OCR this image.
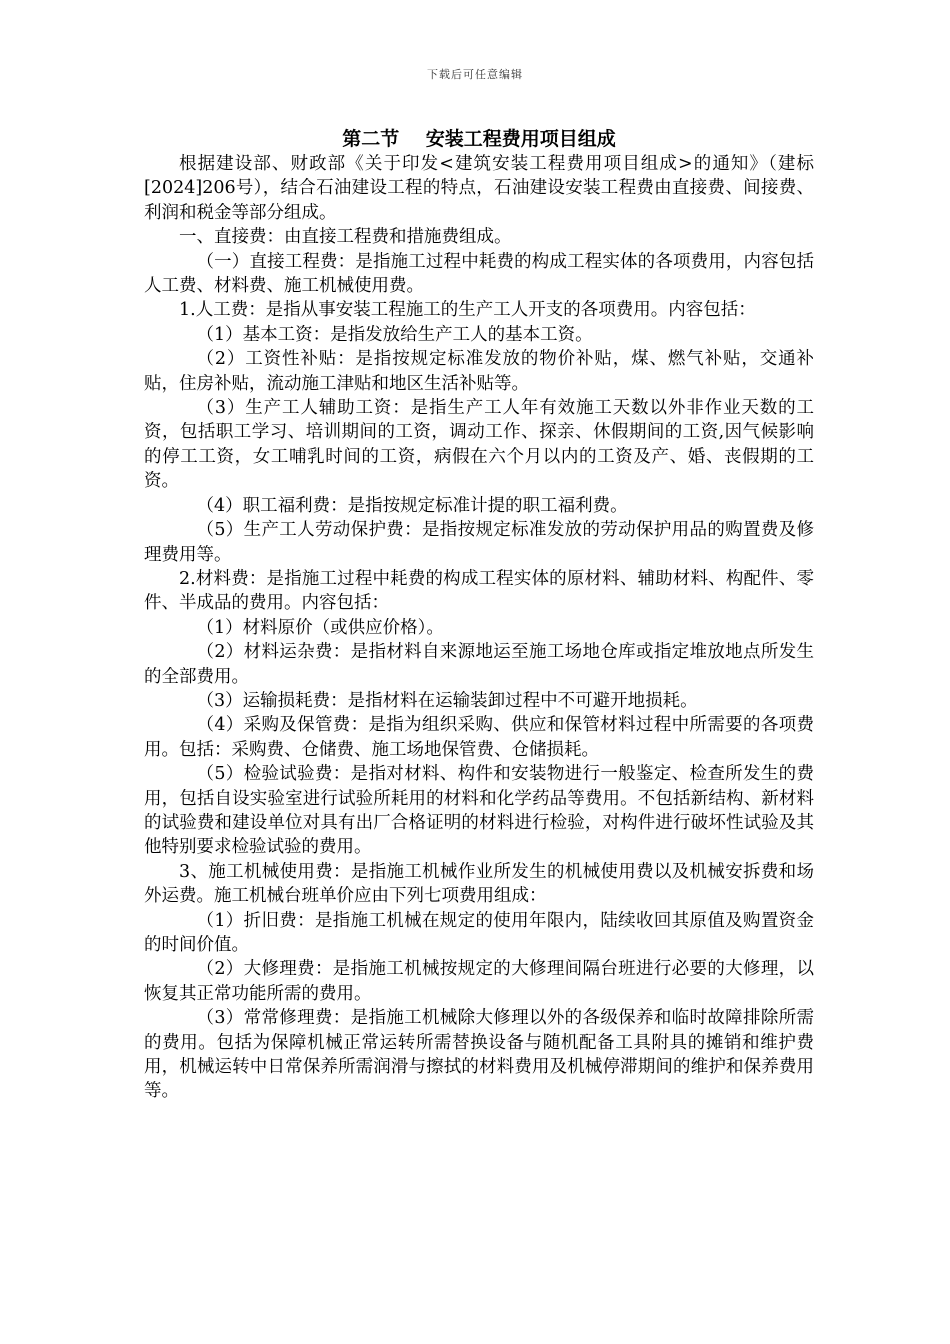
下载后可任意编辑
第二节    安装工程费用项目组成

根据建设部、财政部《关于印发<建筑安装工程费用项目组成>的通知》（建标[2024]206号），结合石油建设工程的特点，石油建设安装工程费由直接费、间接费、利润和税金等部分组成。

一、直接费：由直接工程费和措施费组成。

（一）直接工程费：是指施工过程中耗费的构成工程实体的各项费用，内容包括人工费、材料费、施工机械使用费。

1.人工费：是指从事安装工程施工的生产工人开支的各项费用。内容包括：

（1）基本工资：是指发放给生产工人的基本工资。

（2）工资性补贴：是指按规定标准发放的物价补贴，煤、燃气补贴，交通补贴，住房补贴，流动施工津贴和地区生活补贴等。

（3）生产工人辅助工资：是指生产工人年有效施工天数以外非作业天数的工资，包括职工学习、培训期间的工资，调动工作、探亲、休假期间的工资,因气候影响的停工工资，女工哺乳时间的工资，病假在六个月以内的工资及产、婚、丧假期的工资。

（4）职工福利费：是指按规定标准计提的职工福利费。

（5）生产工人劳动保护费：是指按规定标准发放的劳动保护用品的购置费及修理费用等。

2.材料费：是指施工过程中耗费的构成工程实体的原材料、辅助材料、构配件、零件、半成品的费用。内容包括：

（1）材料原价（或供应价格）。

（2）材料运杂费：是指材料自来源地运至施工场地仓库或指定堆放地点所发生的全部费用。

（3）运输损耗费：是指材料在运输装卸过程中不可避开地损耗。

（4）采购及保管费：是指为组织采购、供应和保管材料过程中所需要的各项费用。包括：采购费、仓储费、施工场地保管费、仓储损耗。

（5）检验试验费：是指对材料、构件和安装物进行一般鉴定、检查所发生的费用，包括自设实验室进行试验所耗用的材料和化学药品等费用。不包括新结构、新材料的试验费和建设单位对具有出厂合格证明的材料进行检验，对构件进行破坏性试验及其他特别要求检验试验的费用。

3、施工机械使用费：是指施工机械作业所发生的机械使用费以及机械安拆费和场外运费。施工机械台班单价应由下列七项费用组成：

（1）折旧费：是指施工机械在规定的使用年限内，陆续收回其原值及购置资金的时间价值。

（2）大修理费：是指施工机械按规定的大修理间隔台班进行必要的大修理，以恢复其正常功能所需的费用。

（3）常常修理费：是指施工机械除大修理以外的各级保养和临时故障排除所需的费用。包括为保障机械正常运转所需替换设备与随机配备工具附具的摊销和维护费用，机械运转中日常保养所需润滑与擦拭的材料费用及机械停滞期间的维护和保养费用等。
